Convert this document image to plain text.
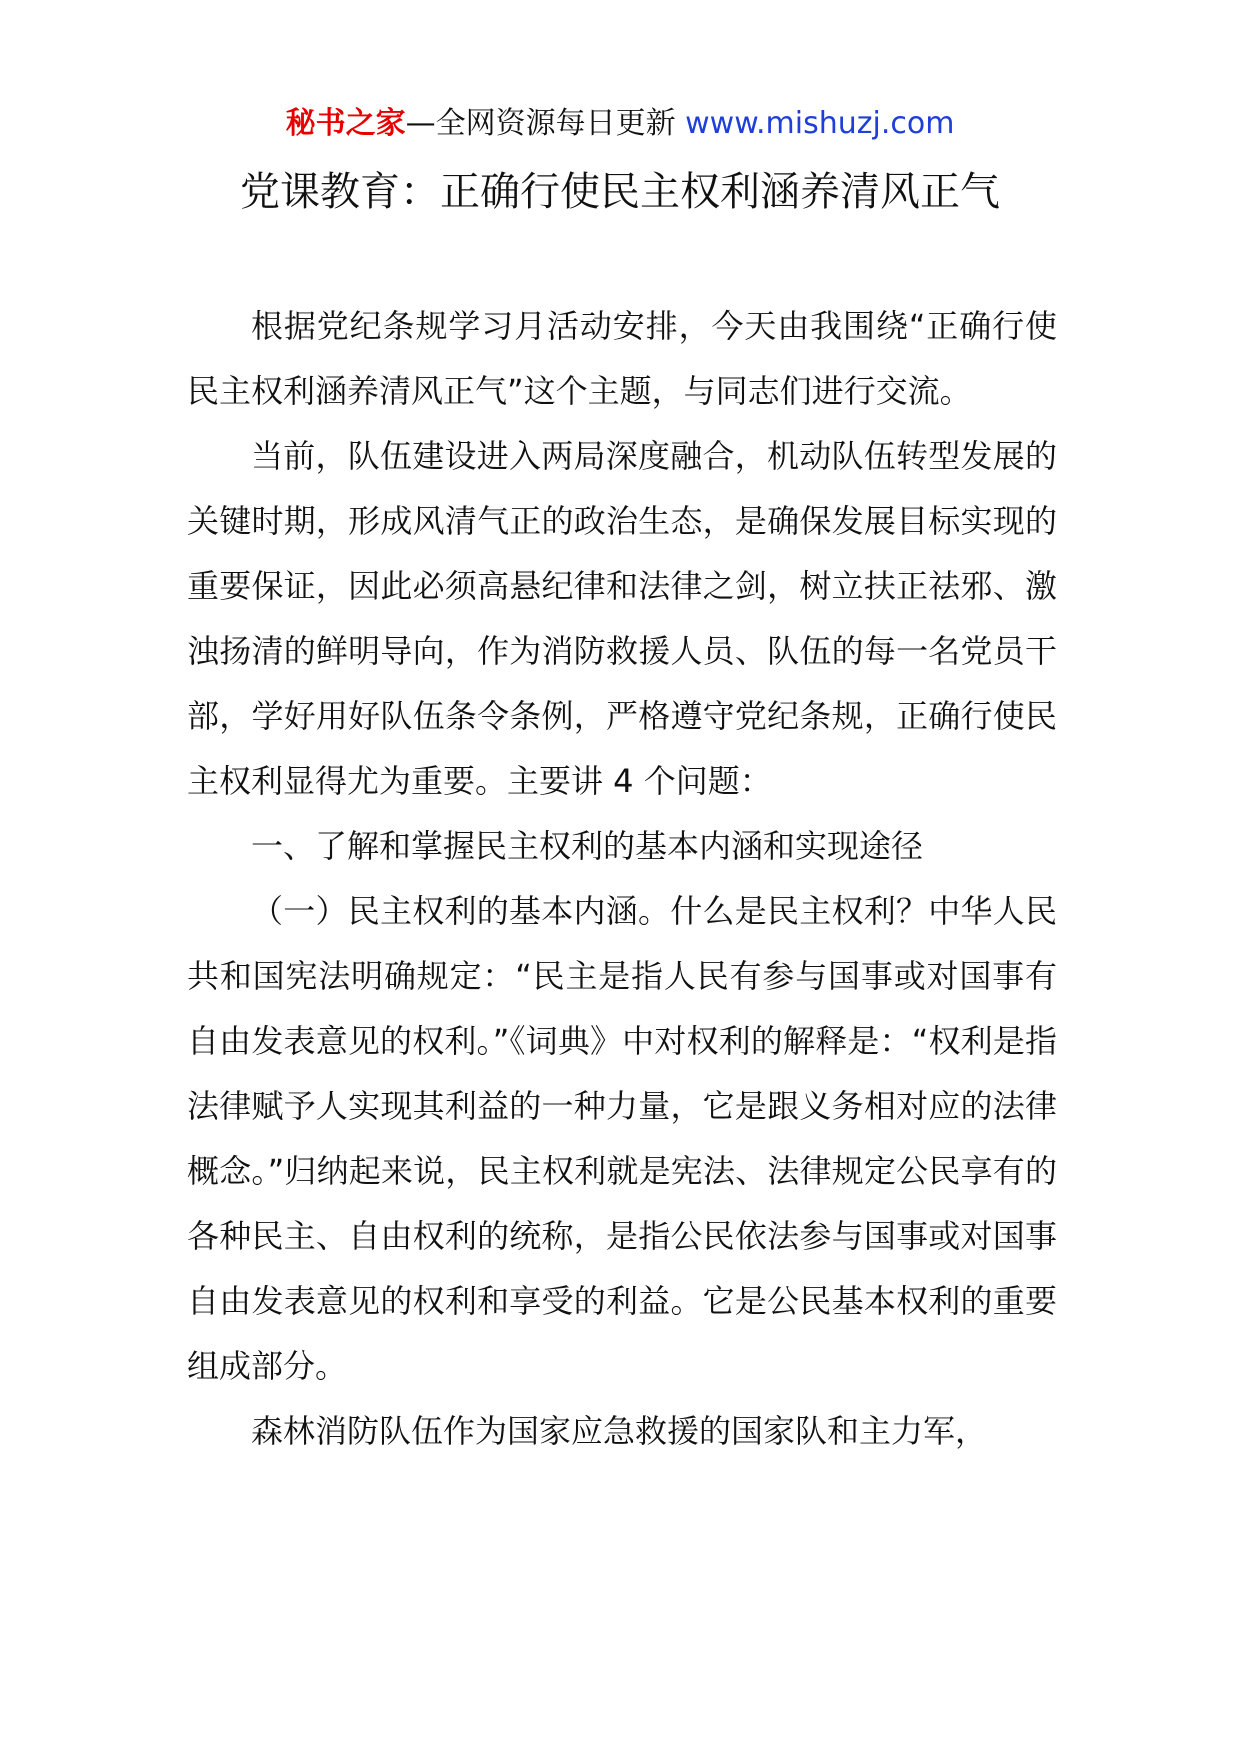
秘书之家—全网资源每日更新 www.mishuzj.com
党课教育：正确行使民主权利涵养清风正气

根据党纪条规学习月活动安排，今天由我围绕“正确行使民主权利涵养清风正气”这个主题，与同志们进行交流。

当前，队伍建设进入两局深度融合，机动队伍转型发展的关键时期，形成风清气正的政治生态，是确保发展目标实现的重要保证，因此必须高悬纪律和法律之剑，树立扶正祛邪、激浊扬清的鲜明导向，作为消防救援人员、队伍的每一名党员干部，学好用好队伍条令条例，严格遵守党纪条规，正确行使民主权利显得尤为重要。主要讲 4 个问题：

一、了解和掌握民主权利的基本内涵和实现途径

（一）民主权利的基本内涵。什么是民主权利？中华人民共和国宪法明确规定：“民主是指人民有参与国事或对国事有自由发表意见的权利。”《词典》中对权利的解释是：“权利是指法律赋予人实现其利益的一种力量，它是跟义务相对应的法律概念。”归纳起来说，民主权利就是宪法、法律规定公民享有的各种民主、自由权利的统称，是指公民依法参与国事或对国事自由发表意见的权利和享受的利益。它是公民基本权利的重要组成部分。

森林消防队伍作为国家应急救援的国家队和主力军，
